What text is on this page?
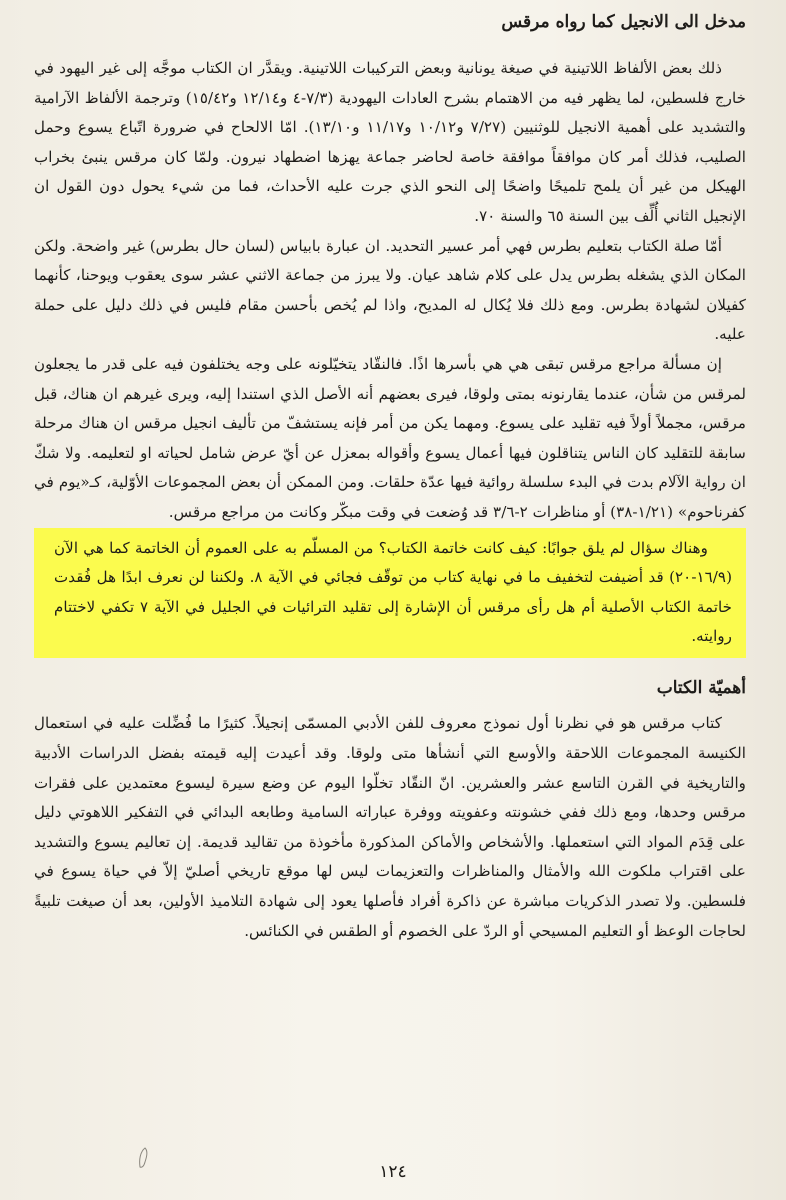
مدخل الى الانجيل كما رواه مرقس

ذلك بعض الألفاظ اللاتينية في صيغة يونانية وبعض التركيبات اللاتينية. ويقدَّر ان الكتاب موجَّه إلى غير اليهود في خارج فلسطين، لما يظهر فيه من الاهتمام بشرح العادات اليهودية (٧/٣-٤ و١٢/١٤ و١٥/٤٢) وترجمة الألفاظ الآرامية والتشديد على أهمية الانجيل للوثنيين (٧/٢٧ و١٠/١٢ و١١/١٧ و١٣/١٠). امّا الالحاح في ضرورة اتّباع يسوع وحمل الصليب، فذلك أمر كان موافقاً موافقة خاصة لحاضر جماعة يهزها اضطهاد نيرون. ولمّا كان مرقس ينبئ بخراب الهيكل من غير أن يلمح تلميحًا واضحًا إلى النحو الذي جرت عليه الأحداث، فما من شيء يحول دون القول ان الإنجيل الثاني أُلِّف بين السنة ٦٥ والسنة ٧٠.

أمّا صلة الكتاب بتعليم بطرس فهي أمر عسير التحديد. ان عبارة بابياس (لسان حال بطرس) غير واضحة. ولكن المكان الذي يشغله بطرس يدل على كلام شاهد عيان. ولا يبرز من جماعة الاثني عشر سوى يعقوب ويوحنا، كأنهما كفيلان لشهادة بطرس. ومع ذلك فلا يُكال له المديح، واذا لم يُخص بأحسن مقام فليس في ذلك دليل على حملة عليه.

إن مسألة مراجع مرقس تبقى هي هي بأسرها اذًا. فالنقّاد يتخيّلونه على وجه يختلفون فيه على قدر ما يجعلون لمرقس من شأن، عندما يقارنونه بمتى ولوقا، فيرى بعضهم أنه الأصل الذي استندا إليه، ويرى غيرهم ان هناك، قبل مرقس، مجملاً أولاً فيه تقليد على يسوع. ومهما يكن من أمر فإنه يستشفّ من تأليف انجيل مرقس ان هناك مرحلة سابقة للتقليد كان الناس يتناقلون فيها أعمال يسوع وأقواله بمعزل عن أيّ عرض شامل لحياته او لتعليمه. ولا شكّ ان رواية الآلام بدت في البدء سلسلة روائية فيها عدّة حلقات. ومن الممكن أن بعض المجموعات الأوّلية، كـ«يوم في كفرناحوم» (١/٢١-٣٨) أو مناظرات ٢-٣/٦ قد وُضعت في وقت مبكّر وكانت من مراجع مرقس.

وهناك سؤال لم يلق جوابًا: كيف كانت خاتمة الكتاب؟ من المسلّم به على العموم أن الخاتمة كما هي الآن (١٦/٩-٢٠) قد أضيفت لتخفيف ما في نهاية كتاب من توقّف فجائي في الآية ٨. ولكننا لن نعرف ابدًا هل فُقدت خاتمة الكتاب الأصلية أم هل رأى مرقس أن الإشارة إلى تقليد الترائيات في الجليل في الآية ٧ تكفي لاختتام روايته.

أهميّة الكتاب

كتاب مرقس هو في نظرنا أول نموذج معروف للفن الأدبي المسمّى إنجيلاً. كثيرًا ما فُضِّلت عليه في استعمال الكنيسة المجموعات اللاحقة والأوسع التي أنشأها متى ولوقا. وقد أعيدت إليه قيمته بفضل الدراسات الأدبية والتاريخية في القرن التاسع عشر والعشرين. انّ النقّاد تخلّوا اليوم عن وضع سيرة ليسوع معتمدين على فقرات مرقس وحدها، ومع ذلك ففي خشونته وعفويته ووفرة عباراته السامية وطابعه البدائي في التفكير اللاهوتي دليل على قِدَم المواد التي استعملها. والأشخاص والأماكن المذكورة مأخوذة من تقاليد قديمة. إن تعاليم يسوع والتشديد على اقتراب ملكوت الله والأمثال والمناظرات والتعزيمات ليس لها موقع تاريخي أصليّ إلاّ في حياة يسوع في فلسطين. ولا تصدر الذكريات مباشرة عن ذاكرة أفراد فأصلها يعود إلى شهادة التلاميذ الأولين، بعد أن صيغت تلبيةً لحاجات الوعظ أو التعليم المسيحي أو الردّ على الخصوم أو الطقس في الكنائس.

١٢٤
